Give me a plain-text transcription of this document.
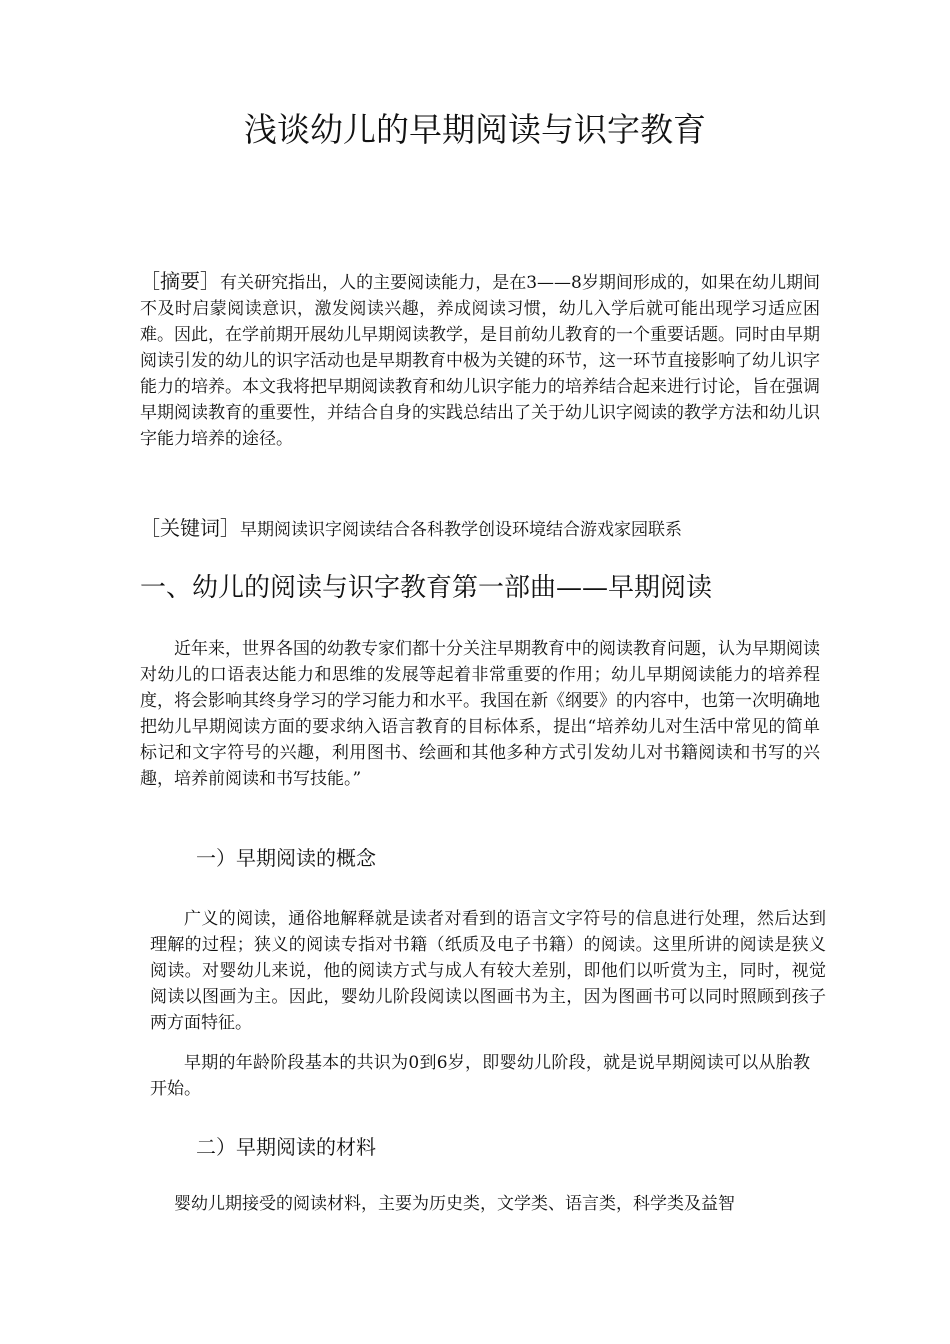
浅谈幼儿的早期阅读与识字教育

［摘要］有关研究指出，人的主要阅读能力，是在3——8岁期间形成的，如果在幼儿期间不及时启蒙阅读意识，激发阅读兴趣，养成阅读习惯，幼儿入学后就可能出现学习适应困难。因此，在学前期开展幼儿早期阅读教学，是目前幼儿教育的一个重要话题。同时由早期阅读引发的幼儿的识字活动也是早期教育中极为关键的环节，这一环节直接影响了幼儿识字能力的培养。本文我将把早期阅读教育和幼儿识字能力的培养结合起来进行讨论，旨在强调早期阅读教育的重要性，并结合自身的实践总结出了关于幼儿识字阅读的教学方法和幼儿识字能力培养的途径。

［关键词］早期阅读识字阅读结合各科教学创设环境结合游戏家园联系

一、幼儿的阅读与识字教育第一部曲——早期阅读

近年来，世界各国的幼教专家们都十分关注早期教育中的阅读教育问题，认为早期阅读对幼儿的口语表达能力和思维的发展等起着非常重要的作用；幼儿早期阅读能力的培养程度，将会影响其终身学习的学习能力和水平。我国在新《纲要》的内容中，也第一次明确地把幼儿早期阅读方面的要求纳入语言教育的目标体系，提出“培养幼儿对生活中常见的简单标记和文字符号的兴趣，利用图书、绘画和其他多种方式引发幼儿对书籍阅读和书写的兴趣，培养前阅读和书写技能。”

一）早期阅读的概念

广义的阅读，通俗地解释就是读者对看到的语言文字符号的信息进行处理，然后达到理解的过程；狭义的阅读专指对书籍（纸质及电子书籍）的阅读。这里所讲的阅读是狭义阅读。对婴幼儿来说，他的阅读方式与成人有较大差别，即他们以听赏为主，同时，视觉阅读以图画为主。因此，婴幼儿阶段阅读以图画书为主，因为图画书可以同时照顾到孩子两方面特征。

早期的年龄阶段基本的共识为0到6岁，即婴幼儿阶段，就是说早期阅读可以从胎教开始。

二）早期阅读的材料

婴幼儿期接受的阅读材料，主要为历史类，文学类、语言类，科学类及益智
